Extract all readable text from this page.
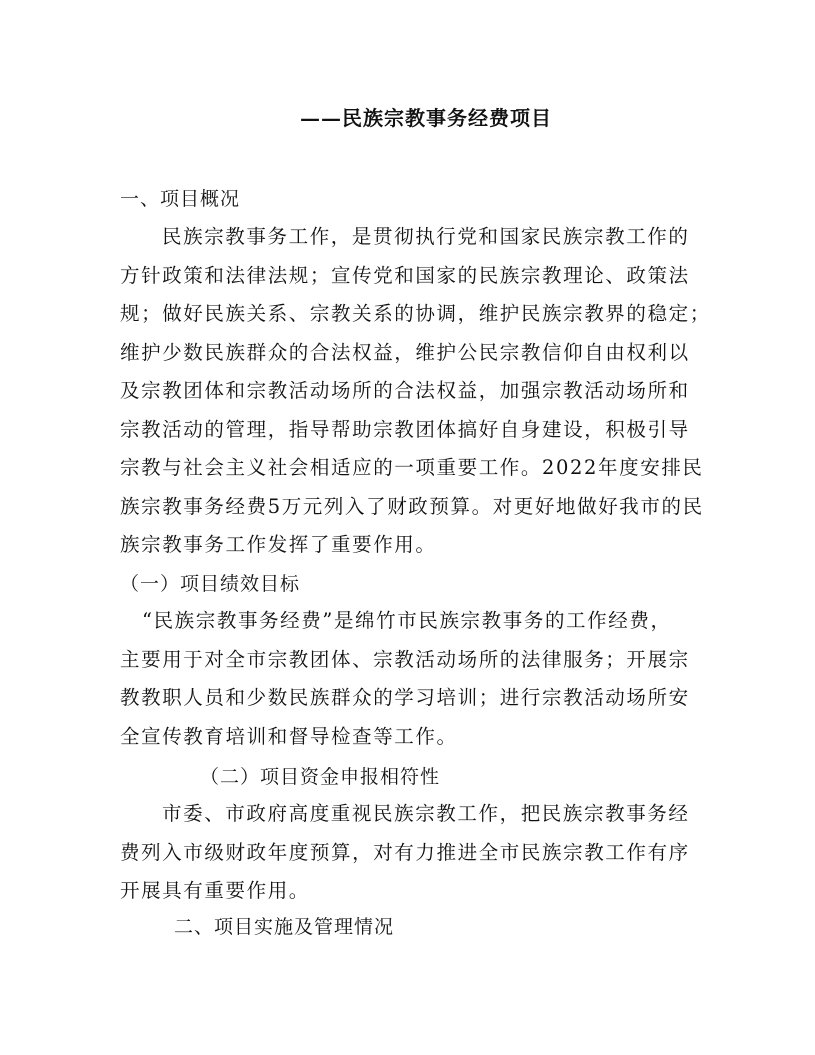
——民族宗教事务经费项目
一、项目概况
民族宗教事务工作，是贯彻执行党和国家民族宗教工作的
方针政策和法律法规；宣传党和国家的民族宗教理论、政策法
规；做好民族关系、宗教关系的协调，维护民族宗教界的稳定；
维护少数民族群众的合法权益，维护公民宗教信仰自由权利以
及宗教团体和宗教活动场所的合法权益，加强宗教活动场所和
宗教活动的管理，指导帮助宗教团体搞好自身建设，积极引导
宗教与社会主义社会相适应的一项重要工作。2022年度安排民
族宗教事务经费5万元列入了财政预算。对更好地做好我市的民
族宗教事务工作发挥了重要作用。
（一）项目绩效目标
“民族宗教事务经费”是绵竹市民族宗教事务的工作经费，
主要用于对全市宗教团体、宗教活动场所的法律服务；开展宗
教教职人员和少数民族群众的学习培训；进行宗教活动场所安
全宣传教育培训和督导检查等工作。
（二）项目资金申报相符性
市委、市政府高度重视民族宗教工作，把民族宗教事务经
费列入市级财政年度预算，对有力推进全市民族宗教工作有序
开展具有重要作用。
二、项目实施及管理情况
